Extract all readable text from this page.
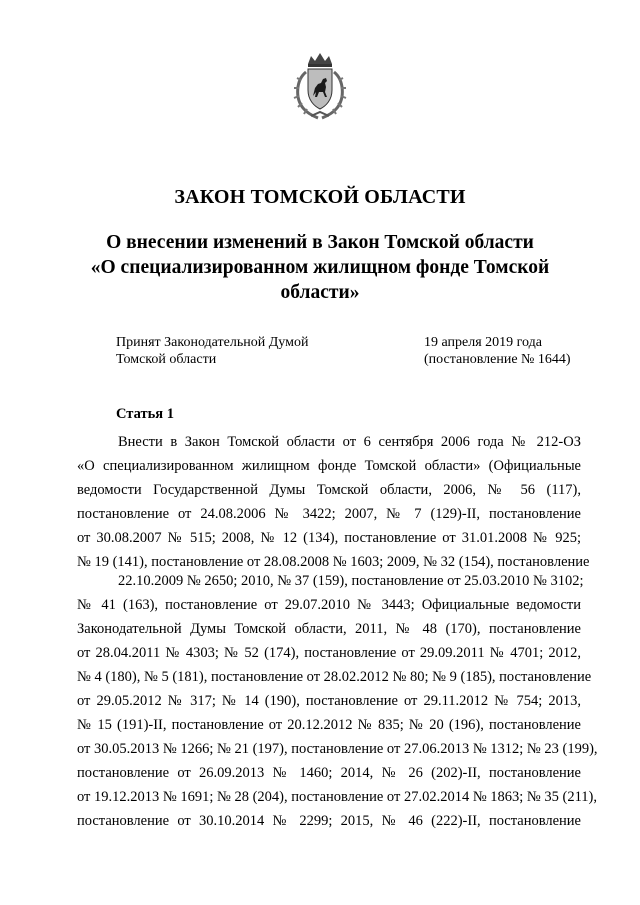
ЗАКОН ТОМСКОЙ ОБЛАСТИ
О внесении изменений в Закон Томской области
«О специализированном жилищном фонде Томской
области»
Принят Законодательной Думой
Томской области
19 апреля 2019 года
(постановление № 1644)
Статья 1
Внести в Закон Томской области от 6 сентября 2006 года № 212-ОЗ
«О специализированном жилищном фонде Томской области» (Официальные
ведомости Государственной Думы Томской области, 2006, № 56 (117),
постановление от 24.08.2006 № 3422; 2007, № 7 (129)-II, постановление
от 30.08.2007 № 515; 2008, № 12 (134), постановление от 31.01.2008 № 925;
№ 19 (141), постановление от 28.08.2008 № 1603; 2009, № 32 (154), постановление
22.10.2009 № 2650; 2010, № 37 (159), постановление от 25.03.2010 № 3102;
№ 41 (163), постановление от 29.07.2010 № 3443; Официальные ведомости
Законодательной Думы Томской области, 2011, № 48 (170), постановление
от 28.04.2011 № 4303; № 52 (174), постановление от 29.09.2011 № 4701; 2012,
№ 4 (180), № 5 (181), постановление от 28.02.2012 № 80; № 9 (185), постановление
от 29.05.2012 № 317; № 14 (190), постановление от 29.11.2012 № 754; 2013,
№ 15 (191)-II, постановление от 20.12.2012 № 835; № 20 (196), постановление
от 30.05.2013 № 1266; № 21 (197), постановление от 27.06.2013 № 1312; № 23 (199),
постановление от 26.09.2013 № 1460; 2014, № 26 (202)-II, постановление
от 19.12.2013 № 1691; № 28 (204), постановление от 27.02.2014 № 1863; № 35 (211),
постановление от 30.10.2014 № 2299; 2015, № 46 (222)-II, постановление
